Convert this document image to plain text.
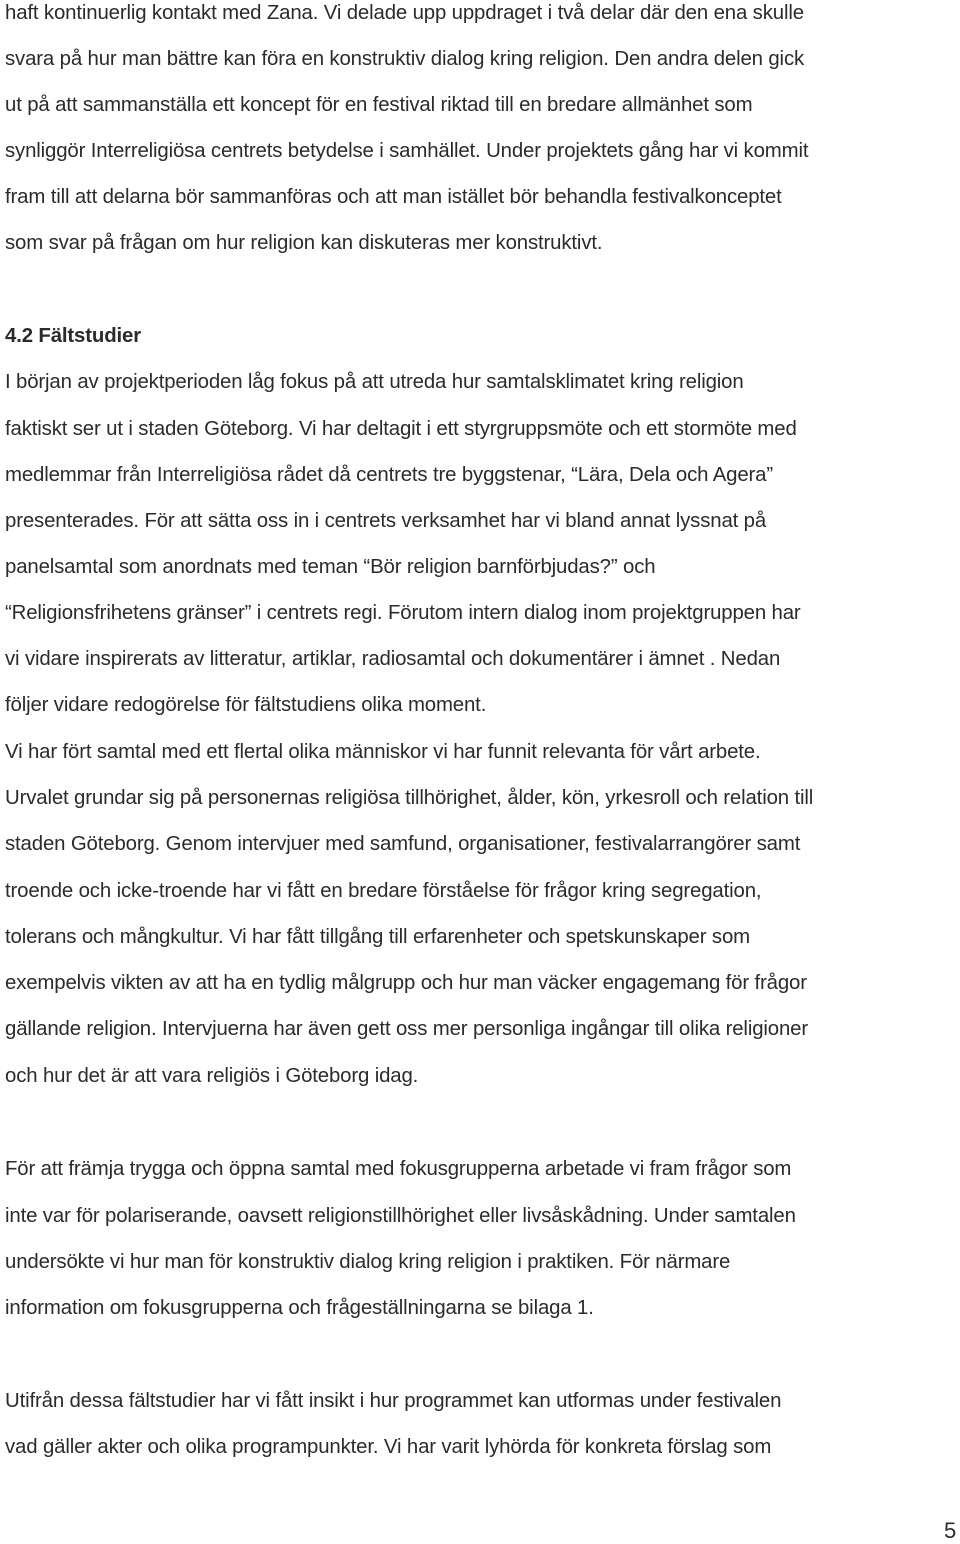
haft kontinuerlig kontakt med Zana. Vi delade upp uppdraget i två delar där den ena skulle
svara på hur man bättre kan föra en konstruktiv dialog kring religion. Den andra delen gick
ut på att sammanställa ett koncept för en festival riktad till en bredare allmänhet som
synliggör Interreligiösa centrets betydelse i samhället. Under projektets gång har vi kommit
fram till att delarna bör sammanföras och att man istället bör behandla festivalkonceptet
som svar på frågan om hur religion kan diskuteras mer konstruktivt.
4.2 Fältstudier
I början av projektperioden låg fokus på att utreda hur samtalsklimatet kring religion
faktiskt ser ut i staden Göteborg. Vi har deltagit i ett styrgruppsmöte och ett stormöte med
medlemmar från Interreligiösa rådet då centrets tre byggstenar, “Lära, Dela och Agera”
presenterades. För att sätta oss in i centrets verksamhet har vi bland annat lyssnat på
panelsamtal som anordnats med teman “Bör religion barnförbjudas?” och
“Religionsfrihetens gränser” i centrets regi. Förutom intern dialog inom projektgruppen har
vi vidare inspirerats av litteratur, artiklar, radiosamtal och dokumentärer i ämnet . Nedan
följer vidare redogörelse för fältstudiens olika moment.
Vi har fört samtal med ett flertal olika människor vi har funnit relevanta för vårt arbete.
Urvalet grundar sig på personernas religiösa tillhörighet, ålder, kön, yrkesroll och relation till
staden Göteborg. Genom intervjuer med samfund, organisationer, festivalarrangörer samt
troende och icke-troende har vi fått en bredare förståelse för frågor kring segregation,
tolerans och mångkultur. Vi har fått tillgång till erfarenheter och spetskunskaper som
exempelvis vikten av att ha en tydlig målgrupp och hur man väcker engagemang för frågor
gällande religion. Intervjuerna har även gett oss mer personliga ingångar till olika religioner
och hur det är att vara religiös i Göteborg idag.
För att främja trygga och öppna samtal med fokusgrupperna arbetade vi fram frågor som
inte var för polariserande, oavsett religionstillhörighet eller livsåskådning. Under samtalen
undersökte vi hur man för konstruktiv dialog kring religion i praktiken. För närmare
information om fokusgrupperna och frågeställningarna se bilaga 1.
Utifrån dessa fältstudier har vi fått insikt i hur programmet kan utformas under festivalen
vad gäller akter och olika programpunkter. Vi har varit lyhörda för konkreta förslag som
5
